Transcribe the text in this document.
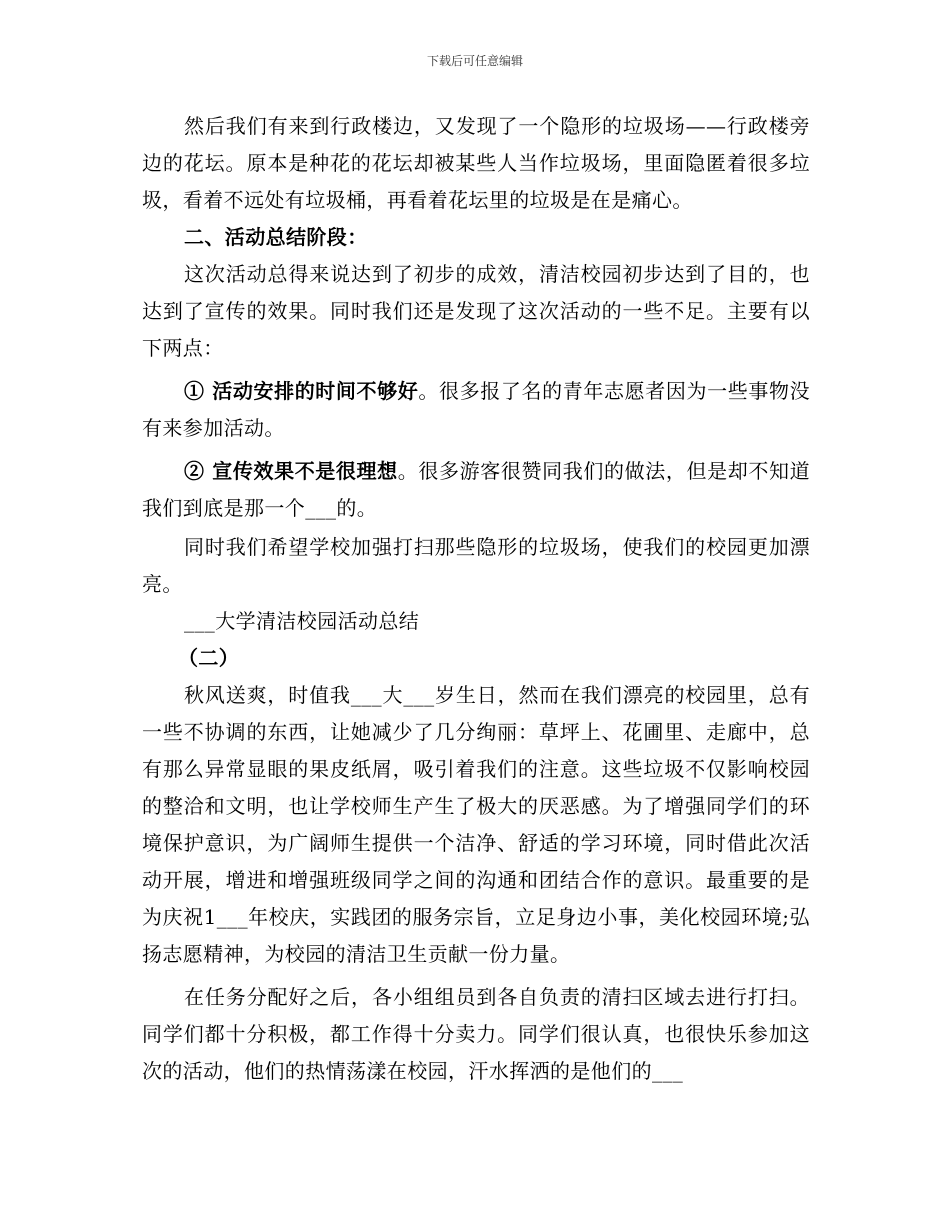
下载后可任意编辑

然后我们有来到行政楼边，又发现了一个隐形的垃圾场——行政楼旁边的花坛。原本是种花的花坛却被某些人当作垃圾场，里面隐匿着很多垃圾，看着不远处有垃圾桶，再看着花坛里的垃圾是在是痛心。

二、活动总结阶段：

这次活动总得来说达到了初步的成效，清洁校园初步达到了目的，也达到了宣传的效果。同时我们还是发现了这次活动的一些不足。主要有以下两点：

① 活动安排的时间不够好。很多报了名的青年志愿者因为一些事物没有来参加活动。

② 宣传效果不是很理想。很多游客很赞同我们的做法，但是却不知道我们到底是那一个___的。

同时我们希望学校加强打扫那些隐形的垃圾场，使我们的校园更加漂亮。

___大学清洁校园活动总结

（二）

秋风送爽，时值我___大___岁生日，然而在我们漂亮的校园里，总有一些不协调的东西，让她减少了几分绚丽：草坪上、花圃里、走廊中，总有那么异常显眼的果皮纸屑，吸引着我们的注意。这些垃圾不仅影响校园的整洽和文明，也让学校师生产生了极大的厌恶感。为了增强同学们的环境保护意识，为广阔师生提供一个洁净、舒适的学习环境，同时借此次活动开展，增进和增强班级同学之间的沟通和团结合作的意识。最重要的是为庆祝1___年校庆，实践团的服务宗旨，立足身边小事，美化校园环境;弘扬志愿精神，为校园的清洁卫生贡献一份力量。

在任务分配好之后，各小组组员到各自负责的清扫区域去进行打扫。同学们都十分积极，都工作得十分卖力。同学们很认真，也很快乐参加这次的活动，他们的热情荡漾在校园，汗水挥洒的是他们的___
